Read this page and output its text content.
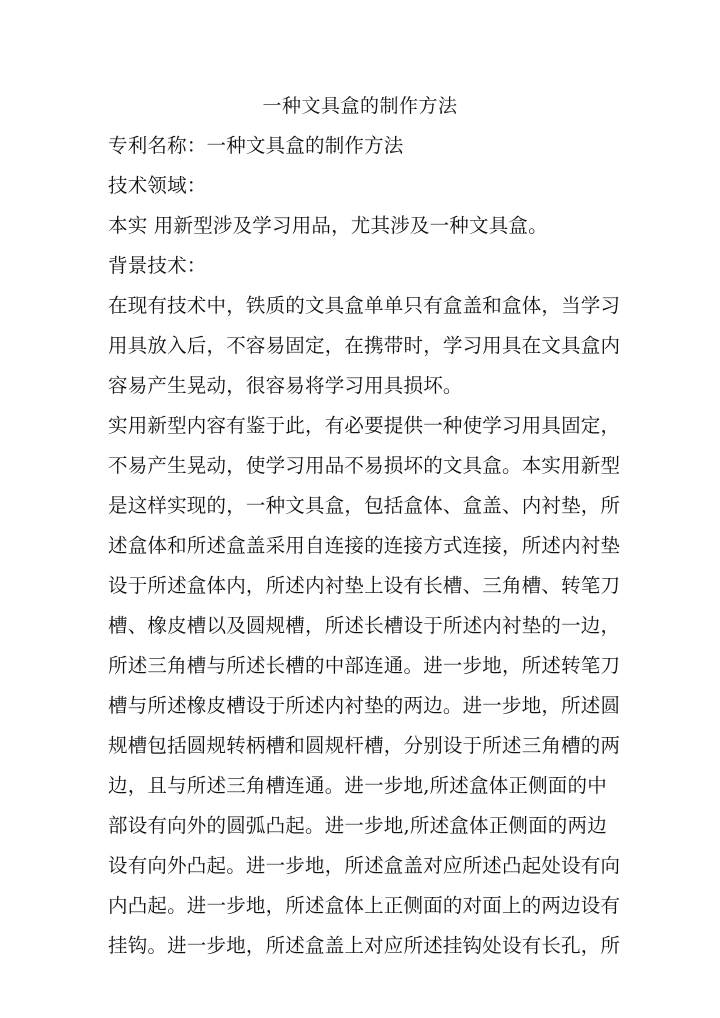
一种文具盒的制作方法
专利名称：一种文具盒的制作方法
技术领域：
本实 用新型涉及学习用品，尤其涉及一种文具盒。
背景技术：
在现有技术中，铁质的文具盒单单只有盒盖和盒体，当学习
用具放入后，不容易固定，在携带时，学习用具在文具盒内
容易产生晃动，很容易将学习用具损坏。
实用新型内容有鉴于此，有必要提供一种使学习用具固定，
不易产生晃动，使学习用品不易损坏的文具盒。本实用新型
是这样实现的，一种文具盒，包括盒体、盒盖、内衬垫，所
述盒体和所述盒盖采用自连接的连接方式连接，所述内衬垫
设于所述盒体内，所述内衬垫上设有长槽、三角槽、转笔刀
槽、橡皮槽以及圆规槽，所述长槽设于所述内衬垫的一边，
所述三角槽与所述长槽的中部连通。进一步地，所述转笔刀
槽与所述橡皮槽设于所述内衬垫的两边。进一步地，所述圆
规槽包括圆规转柄槽和圆规杆槽，分别设于所述三角槽的两
边，且与所述三角槽连通。进一步地,所述盒体正侧面的中
部设有向外的圆弧凸起。进一步地,所述盒体正侧面的两边
设有向外凸起。进一步地，所述盒盖对应所述凸起处设有向
内凸起。进一步地，所述盒体上正侧面的对面上的两边设有
挂钩。进一步地，所述盒盖上对应所述挂钩处设有长孔，所
